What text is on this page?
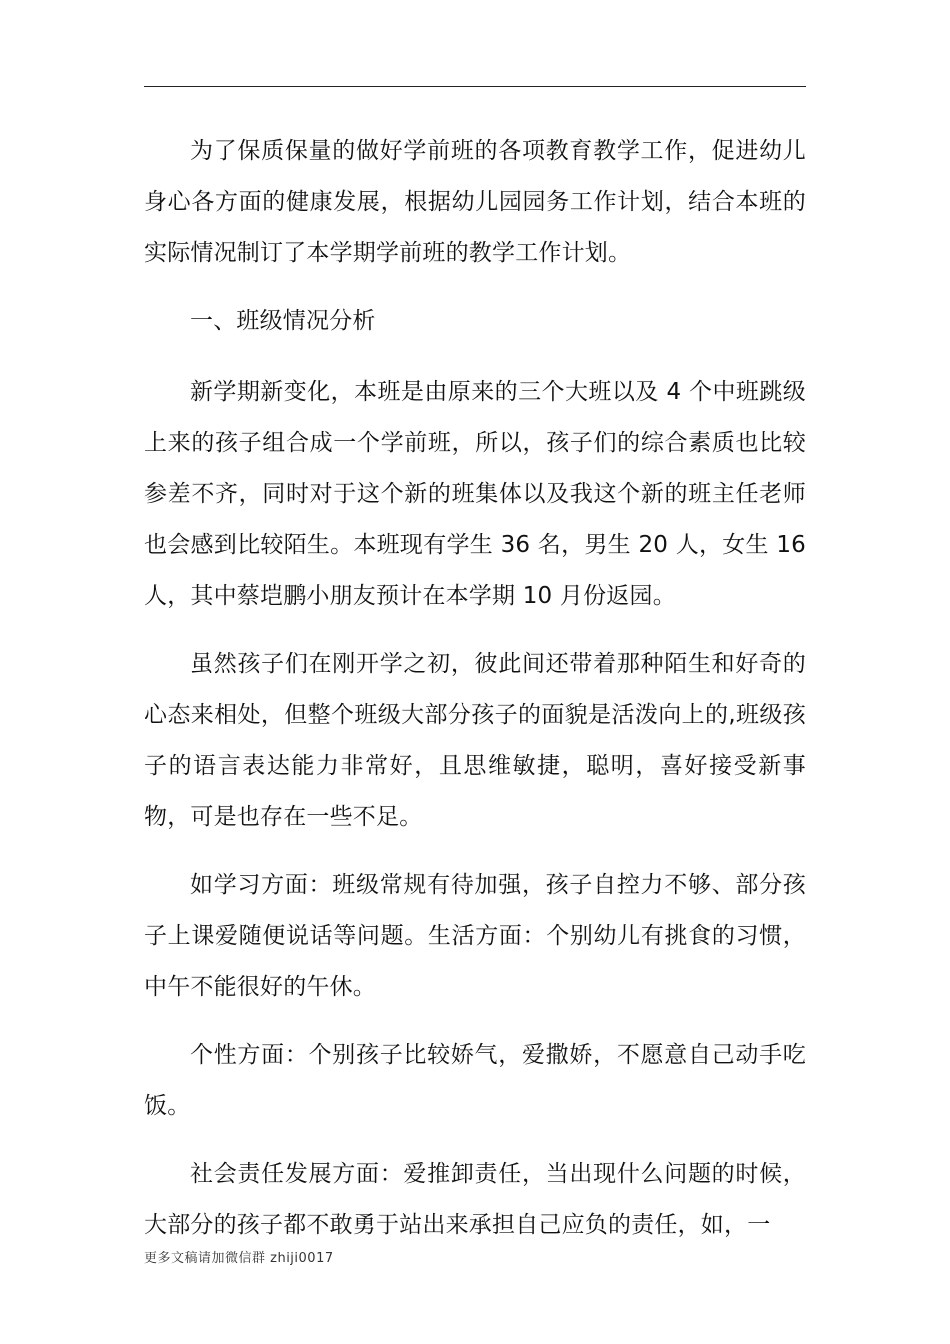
为了保质保量的做好学前班的各项教育教学工作，促进幼儿身心各方面的健康发展，根据幼儿园园务工作计划，结合本班的实际情况制订了本学期学前班的教学工作计划。

一、班级情况分析

新学期新变化，本班是由原来的三个大班以及 4 个中班跳级上来的孩子组合成一个学前班，所以，孩子们的综合素质也比较参差不齐，同时对于这个新的班集体以及我这个新的班主任老师也会感到比较陌生。本班现有学生 36 名，男生 20 人，女生 16 人，其中蔡垲鹏小朋友预计在本学期 10 月份返园。

虽然孩子们在刚开学之初，彼此间还带着那种陌生和好奇的心态来相处，但整个班级大部分孩子的面貌是活泼向上的,班级孩子的语言表达能力非常好，且思维敏捷，聪明，喜好接受新事物，可是也存在一些不足。

如学习方面：班级常规有待加强，孩子自控力不够、部分孩子上课爱随便说话等问题。生活方面：个别幼儿有挑食的习惯，中午不能很好的午休。

个性方面：个别孩子比较娇气，爱撒娇，不愿意自己动手吃饭。

社会责任发展方面：爱推卸责任，当出现什么问题的时候，大部分的孩子都不敢勇于站出来承担自己应负的责任，如，一

更多文稿请加微信群 zhiji0017
